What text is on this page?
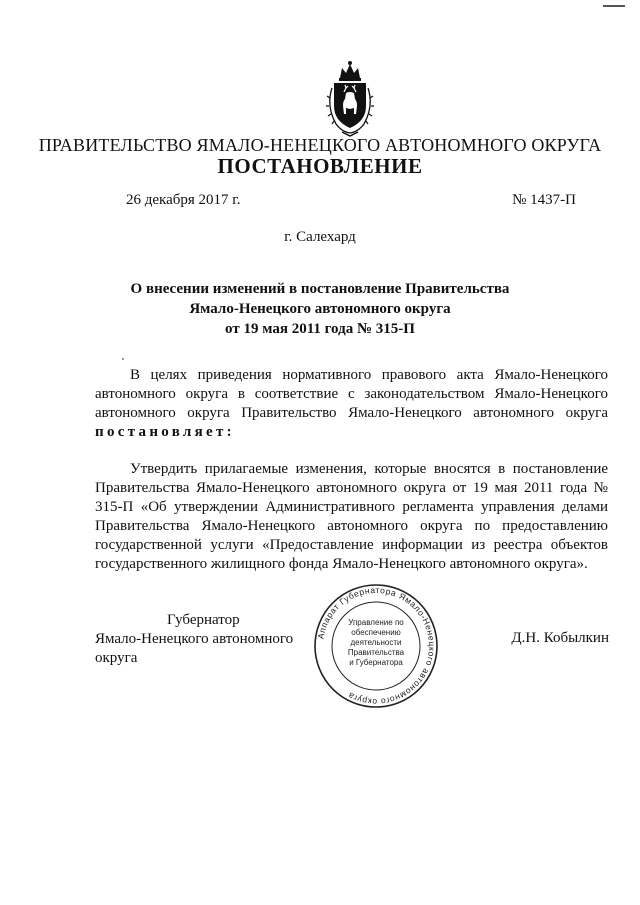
ПРАВИТЕЛЬСТВО ЯМАЛО-НЕНЕЦКОГО АВТОНОМНОГО ОКРУГА
ПОСТАНОВЛЕНИЕ
26 декабря 2017 г.	№ 1437-П
г. Салехард
О внесении изменений в постановление Правительства
Ямало-Ненецкого автономного округа
от 19 мая 2011 года № 315-П
В целях приведения нормативного правового акта Ямало-Ненецкого автономного округа в соответствие с законодательством Ямало-Ненецкого автономного округа Правительство Ямало-Ненецкого автономного округа постановляет:
Утвердить прилагаемые изменения, которые вносятся в постановление Правительства Ямало-Ненецкого автономного округа от 19 мая 2011 года № 315-П «Об утверждении Административного регламента управления делами Правительства Ямало-Ненецкого автономного округа по предоставлению государственной услуги «Предоставление информации из реестра объектов государственного жилищного фонда Ямало-Ненецкого автономного округа».
Губернатор
Ямало-Ненецкого автономного округа
Д.Н. Кобылкин
Аппарат Губернатора Ямало-Ненецкого автономного округа
Управление по
обеспечению
деятельности
Правительства
и Губернатора
